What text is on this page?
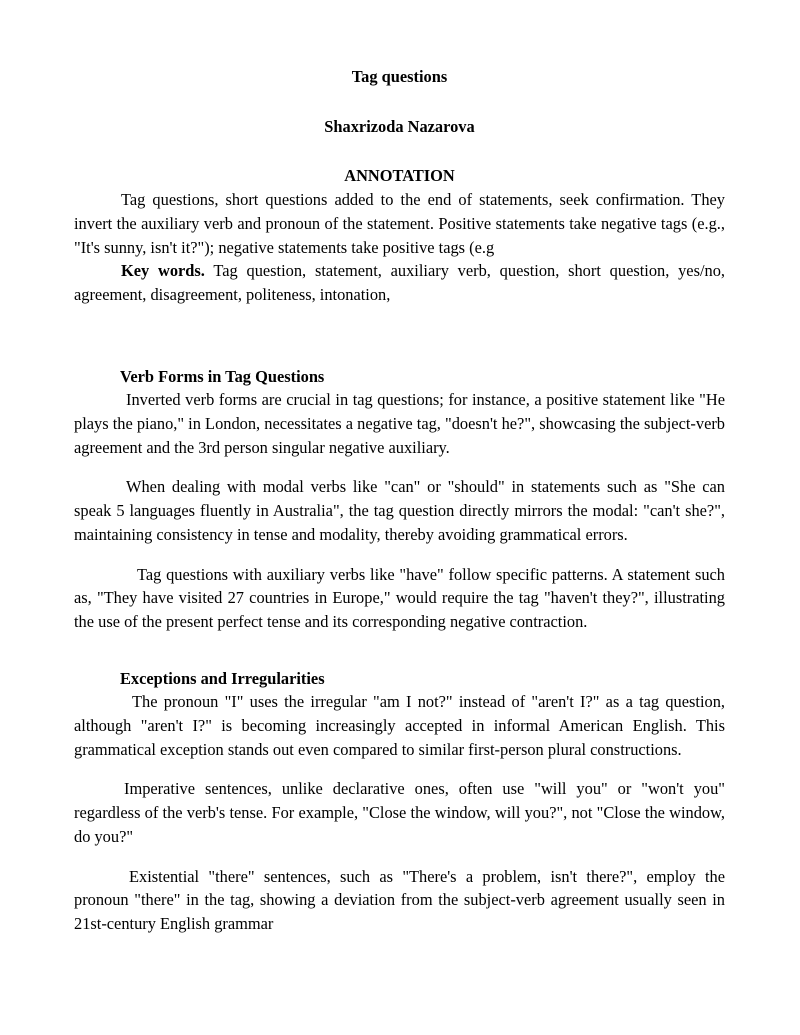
Tag questions
Shaxrizoda Nazarova
ANNOTATION

Tag questions, short questions added to the end of statements, seek confirmation. They invert the auxiliary verb and pronoun of the statement. Positive statements take negative tags (e.g., "It's sunny, isn't it?"); negative statements take positive tags (e.g

Key words. Tag question, statement, auxiliary verb, question, short question, yes/no, agreement, disagreement, politeness, intonation,

Verb Forms in Tag Questions

Inverted verb forms are crucial in tag questions; for instance, a positive statement like "He plays the piano," in London, necessitates a negative tag, "doesn't he?", showcasing the subject-verb agreement and the 3rd person singular negative auxiliary.

When dealing with modal verbs like "can" or "should" in statements such as "She can speak 5 languages fluently in Australia", the tag question directly mirrors the modal: "can't she?", maintaining consistency in tense and modality, thereby avoiding grammatical errors.

Tag questions with auxiliary verbs like "have" follow specific patterns. A statement such as, "They have visited 27 countries in Europe," would require the tag "haven't they?", illustrating the use of the present perfect tense and its corresponding negative contraction.

Exceptions and Irregularities

The pronoun "I" uses the irregular "am I not?" instead of "aren't I?" as a tag question, although "aren't I?" is becoming increasingly accepted in informal American English. This grammatical exception stands out even compared to similar first-person plural constructions.

Imperative sentences, unlike declarative ones, often use "will you" or "won't you" regardless of the verb's tense. For example, "Close the window, will you?", not "Close the window, do you?"

Existential "there" sentences, such as "There's a problem, isn't there?", employ the pronoun "there" in the tag, showing a deviation from the subject-verb agreement usually seen in 21st-century English grammar
